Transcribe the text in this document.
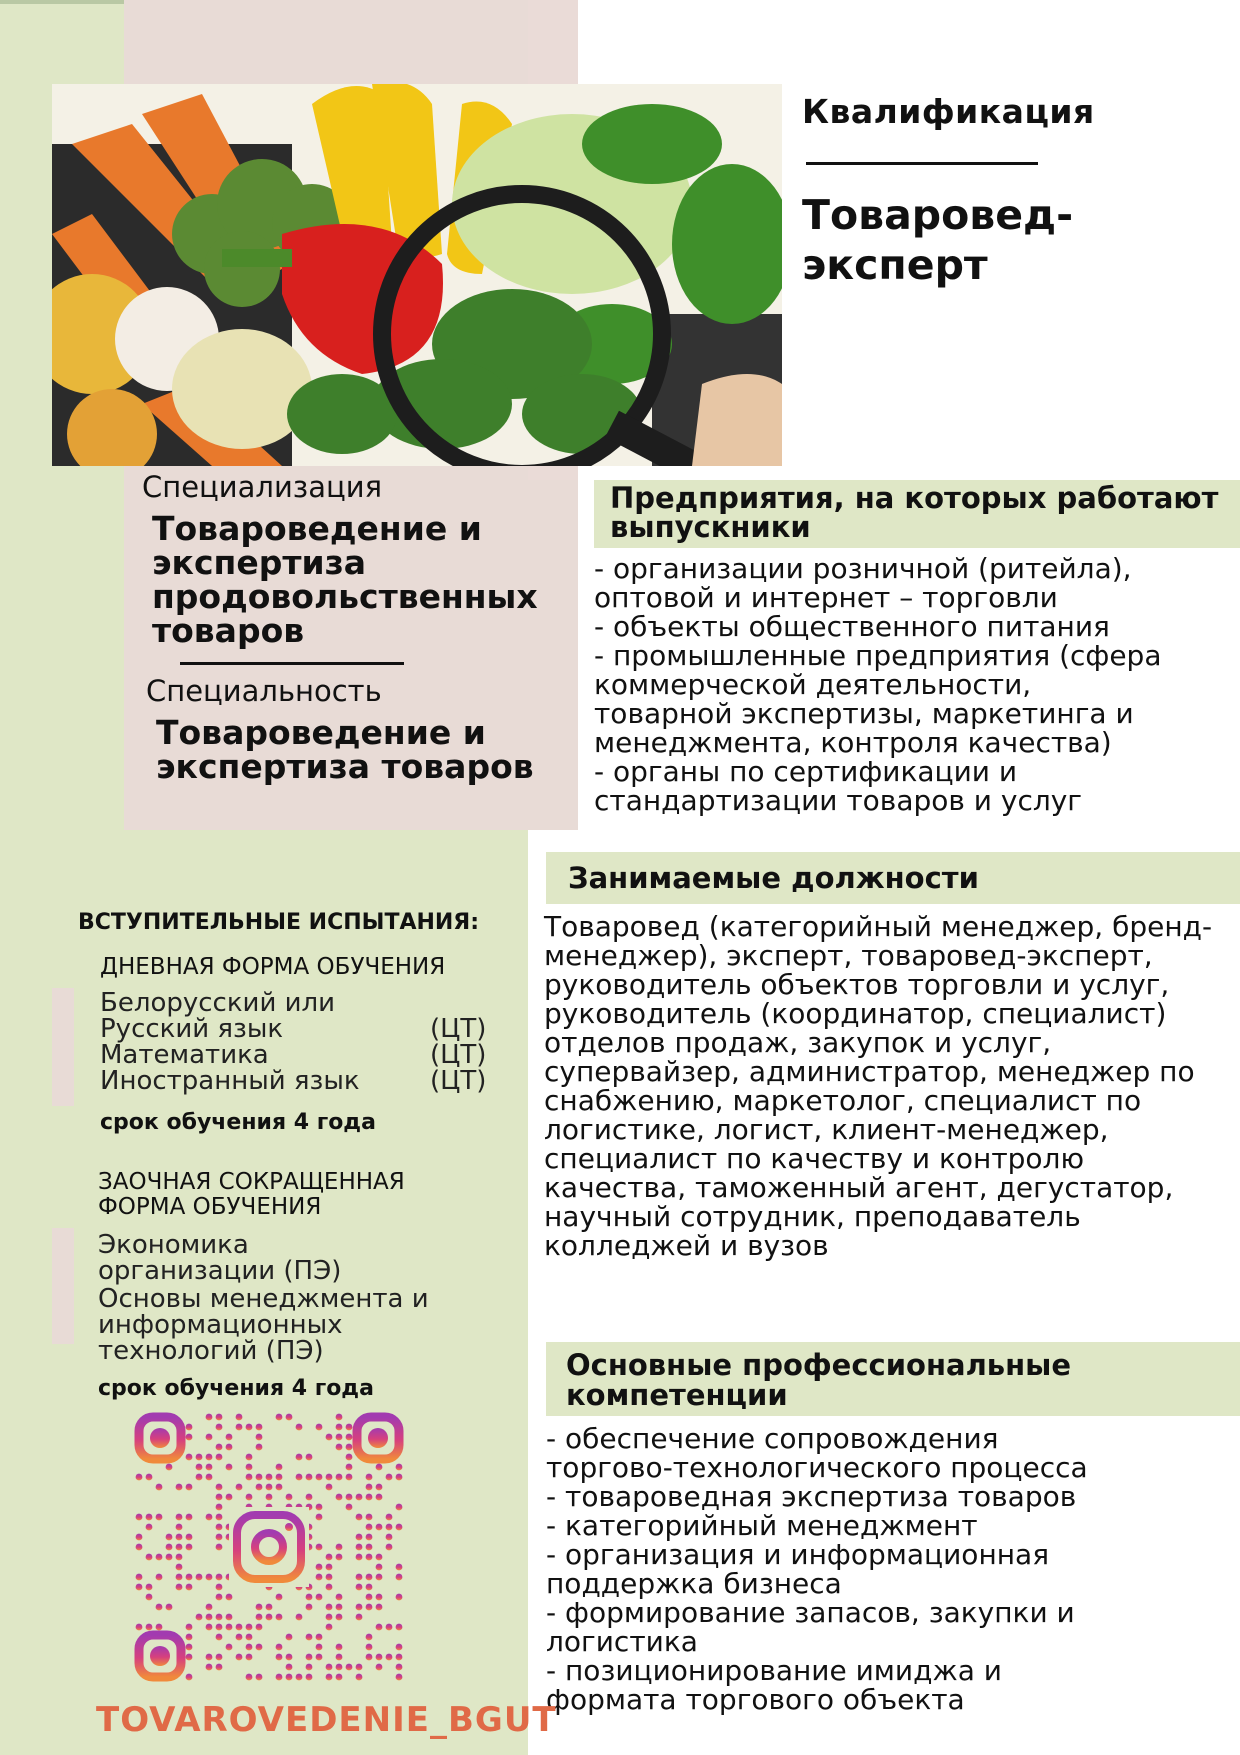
Квалификация
Товаровед-эксперт
Специализация
Товароведение и экспертиза продовольственных товаров
Специальность
Товароведение и экспертиза товаров
Предприятия, на которых работают выпускники
- организации розничной (ритейла),
оптовой и интернет – торговли
- объекты общественного питания
- промышленные предприятия (сфера
коммерческой деятельности,
товарной экспертизы, маркетинга и
менеджмента, контроля качества)
- органы по сертификации и
стандартизации товаров и услуг
Занимаемые должности
Товаровед (категорийный менеджер, бренд-менеджер), эксперт, товаровед-эксперт, руководитель объектов торговли и услуг, руководитель (координатор, специалист) отделов продаж, закупок и услуг, супервайзер, администратор, менеджер по снабжению, маркетолог, специалист по логистике, логист, клиент-менеджер, специалист по качеству и контролю качества, таможенный агент, дегустатор, научный сотрудник, преподаватель колледжей и вузов
Основные профессиональные компетенции
- обеспечение сопровождения
торгово-технологического процесса
- товароведная экспертиза товаров
- категорийный менеджмент
- организация и информационная
поддержка бизнеса
- формирование запасов, закупки и
логистика
- позиционирование имиджа и
формата торгового объекта
ВСТУПИТЕЛЬНЫЕ ИСПЫТАНИЯ:
ДНЕВНАЯ ФОРМА ОБУЧЕНИЯ
Белорусский или
Русский язык	(ЦТ)
Математика	(ЦТ)
Иностранный язык	(ЦТ)
срок обучения 4 года
ЗАОЧНАЯ СОКРАЩЕННАЯ ФОРМА ОБУЧЕНИЯ
Экономика
организации (ПЭ)
Основы менеджмента и
информационных
технологий (ПЭ)
срок обучения 4 года
TOVAROVEDENIE_BGUT
